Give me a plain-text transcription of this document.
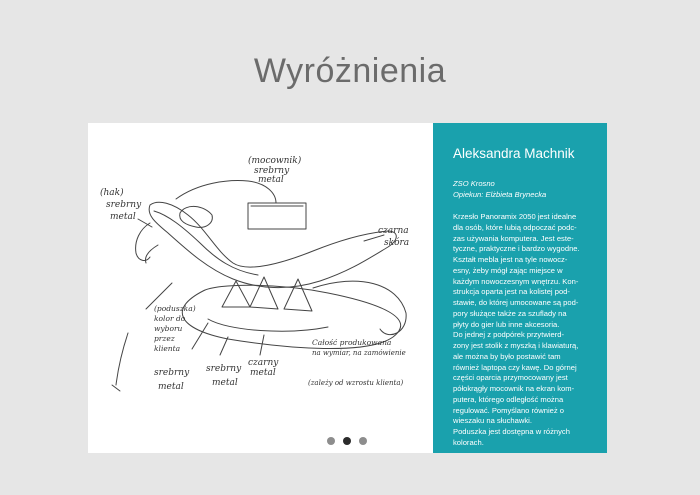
Wyróżnienia
(mocownik)
srebrny
metal
(hak)
srebrny
metal
czarna
skóra
(poduszka)
kolor do
wyboru
przez
klienta
srebrny
metal
srebrny
metal
czarny
metal
Całość produkowana
na wymiar, na zamówienie
(zależy od wzrostu klienta)
Aleksandra Machnik
ZSO Krosno
Opiekun: Elżbieta Brynecka
Krzesło Panoramix 2050 jest idealne
dla osób, które lubią odpoczać podc-
zas używania komputera. Jest este-
tyczne, praktyczne i bardzo wygodne.
Kształt mebla jest na tyle nowocz-
esny, żeby mógł zając miejsce w
każdym nowoczesnym wnętrzu. Kon-
strukcja oparta jest na kolistej pod-
stawie, do której umocowane są pod-
pory służące także za szuflady na
płyty do gier lub inne akcesoria.
Do jednej z podpórek przytwierd-
zony jest stolik z myszką i klawiaturą,
ale można by było postawić tam
również laptopa czy kawę. Do górnej
części oparcia przymocowany jest
półokrągły mocownik na ekran kom-
putera, którego odległość można
regulować. Pomyślano również o
wieszaku na słuchawki.
Poduszka jest dostępna w różnych
kolorach.
